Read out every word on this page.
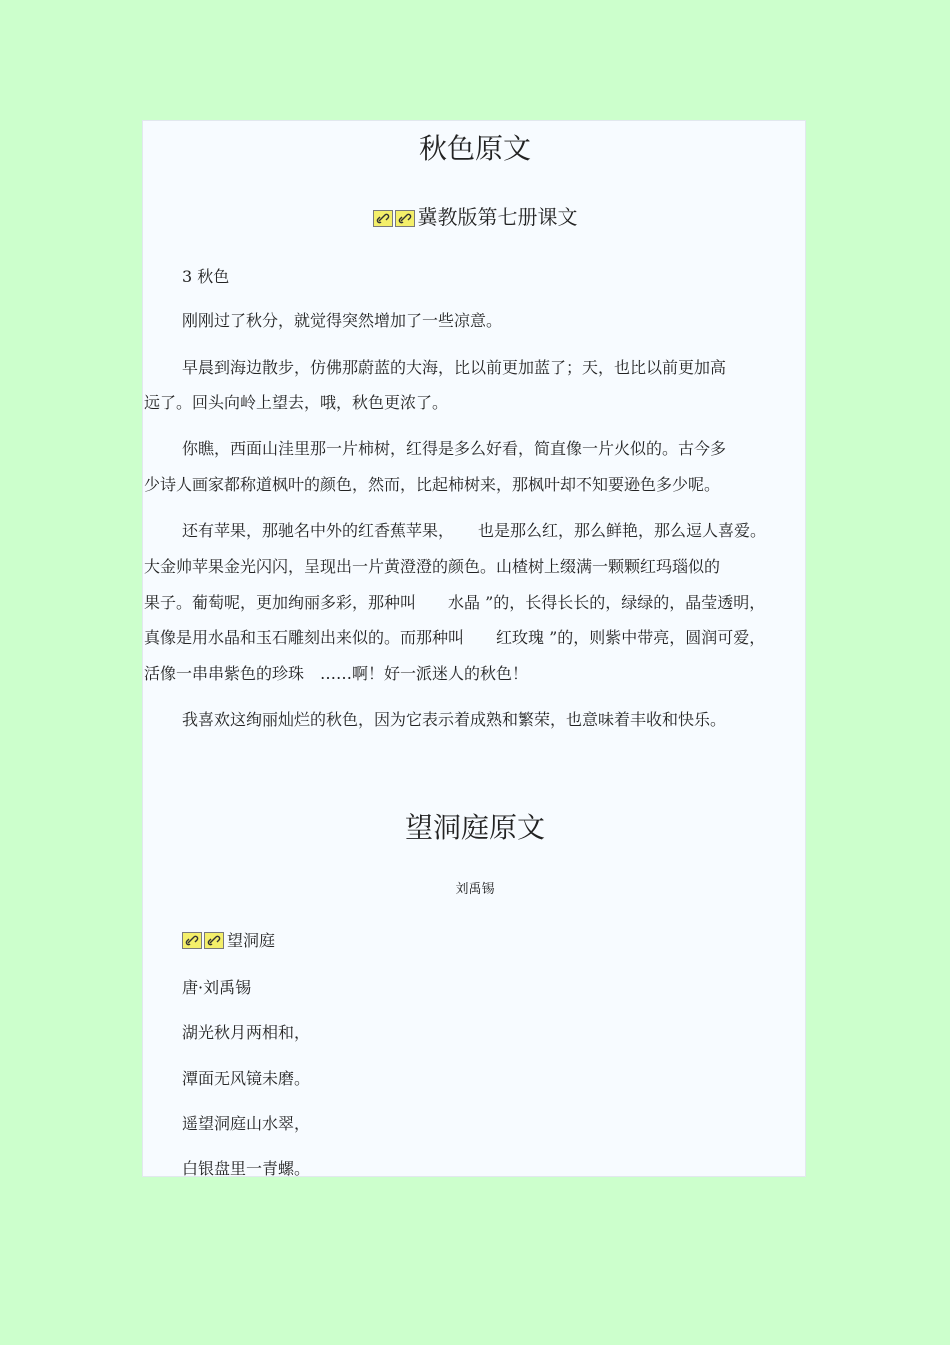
秋色原文
冀教版第七册课文
3 秋色
刚刚过了秋分，就觉得突然增加了一些凉意。
早晨到海边散步，仿佛那蔚蓝的大海，比以前更加蓝了；天，也比以前更加高
远了。回头向岭上望去，哦，秋色更浓了。
你瞧，西面山洼里那一片柿树，红得是多么好看，简直像一片火似的。古今多
少诗人画家都称道枫叶的颜色，然而，比起柿树来，那枫叶却不知要逊色多少呢。
还有苹果，那驰名中外的红香蕉苹果，　　也是那么红，那么鲜艳，那么逗人喜爱。
大金帅苹果金光闪闪，呈现出一片黄澄澄的颜色。山楂树上缀满一颗颗红玛瑙似的
果子。葡萄呢，更加绚丽多彩，那种叫　　水晶 ”的，长得长长的，绿绿的，晶莹透明，
真像是用水晶和玉石雕刻出来似的。而那种叫　　红玫瑰 ”的，则紫中带亮，圆润可爱，
活像一串串紫色的珍珠　……啊！好一派迷人的秋色！
我喜欢这绚丽灿烂的秋色，因为它表示着成熟和繁荣，也意味着丰收和快乐。
望洞庭原文
刘禹锡
望洞庭
唐·刘禹锡
湖光秋月两相和，
潭面无风镜未磨。
遥望洞庭山水翠，
白银盘里一青螺。
